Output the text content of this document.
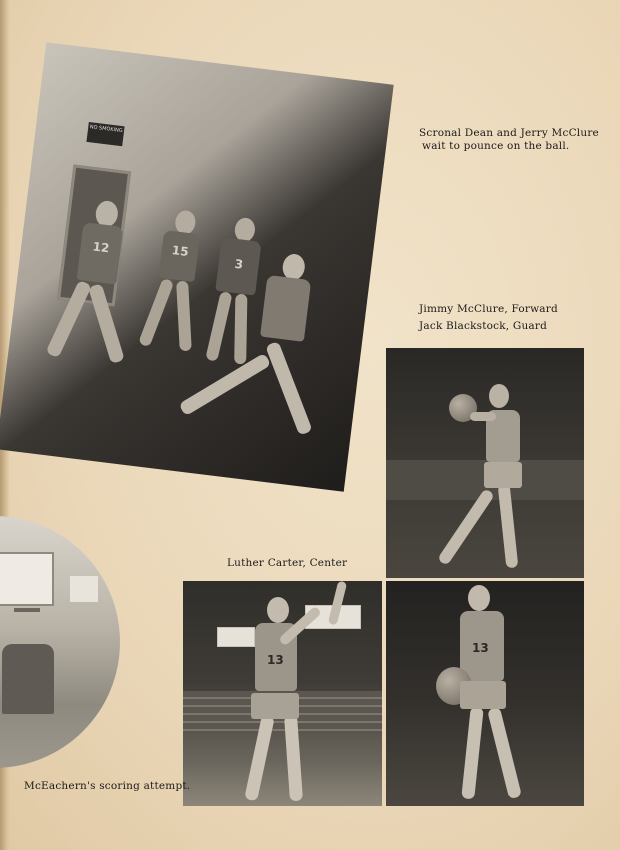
NO SMOKING
12	15
3
Scronal Dean and Jerry McClure
wait to pounce on the ball.
Jimmy McClure, Forward
Jack Blackstock, Guard
Luther Carter, Center
13
13
McEachern's scoring attempt.
